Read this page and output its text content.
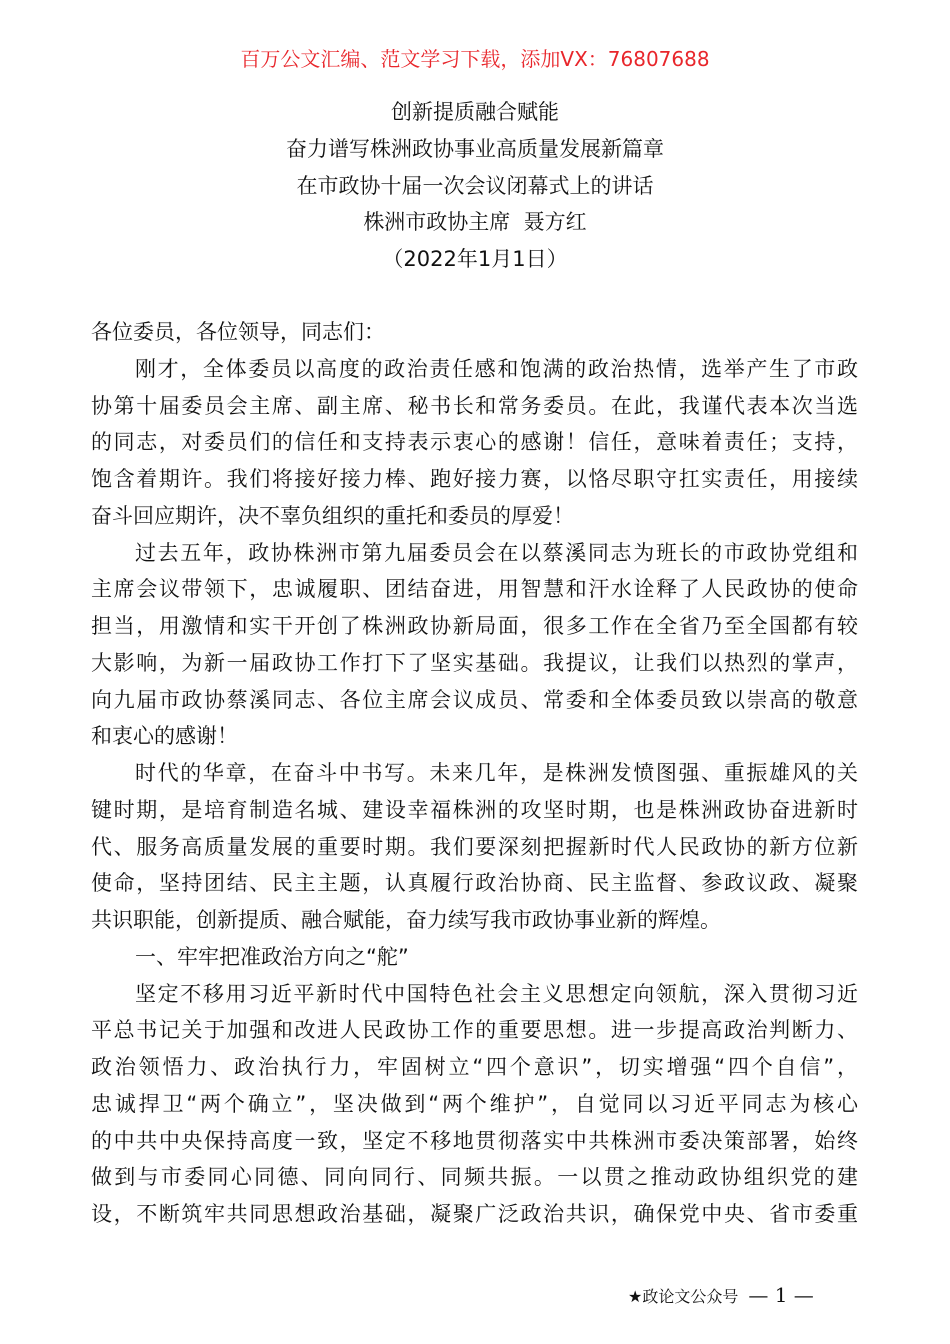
百万公文汇编、范文学习下载，添加VX：76807688
创新提质融合赋能
奋力谱写株洲政协事业高质量发展新篇章
在市政协十届一次会议闭幕式上的讲话
株洲市政协主席  聂方红
（2022年1月1日）
各位委员，各位领导，同志们：
刚才，全体委员以高度的政治责任感和饱满的政治热情，选举产生了市政
协第十届委员会主席、副主席、秘书长和常务委员。在此，我谨代表本次当选
的同志，对委员们的信任和支持表示衷心的感谢！信任，意味着责任；支持，
饱含着期许。我们将接好接力棒、跑好接力赛，以恪尽职守扛实责任，用接续
奋斗回应期许，决不辜负组织的重托和委员的厚爱！
过去五年，政协株洲市第九届委员会在以蔡溪同志为班长的市政协党组和
主席会议带领下，忠诚履职、团结奋进，用智慧和汗水诠释了人民政协的使命
担当，用激情和实干开创了株洲政协新局面，很多工作在全省乃至全国都有较
大影响，为新一届政协工作打下了坚实基础。我提议，让我们以热烈的掌声，
向九届市政协蔡溪同志、各位主席会议成员、常委和全体委员致以崇高的敬意
和衷心的感谢！
时代的华章，在奋斗中书写。未来几年，是株洲发愤图强、重振雄风的关
键时期，是培育制造名城、建设幸福株洲的攻坚时期，也是株洲政协奋进新时
代、服务高质量发展的重要时期。我们要深刻把握新时代人民政协的新方位新
使命，坚持团结、民主主题，认真履行政治协商、民主监督、参政议政、凝聚
共识职能，创新提质、融合赋能，奋力续写我市政协事业新的辉煌。
一、牢牢把准政治方向之“舵”
坚定不移用习近平新时代中国特色社会主义思想定向领航，深入贯彻习近
平总书记关于加强和改进人民政协工作的重要思想。进一步提高政治判断力、
政治领悟力、政治执行力，牢固树立“四个意识”，切实增强“四个自信”，
忠诚捍卫“两个确立”，坚决做到“两个维护”，自觉同以习近平同志为核心
的中共中央保持高度一致，坚定不移地贯彻落实中共株洲市委决策部署，始终
做到与市委同心同德、同向同行、同频共振。一以贯之推动政协组织党的建
设，不断筑牢共同思想政治基础，凝聚广泛政治共识，确保党中央、省市委重
★政论文公众号 — 1 —
